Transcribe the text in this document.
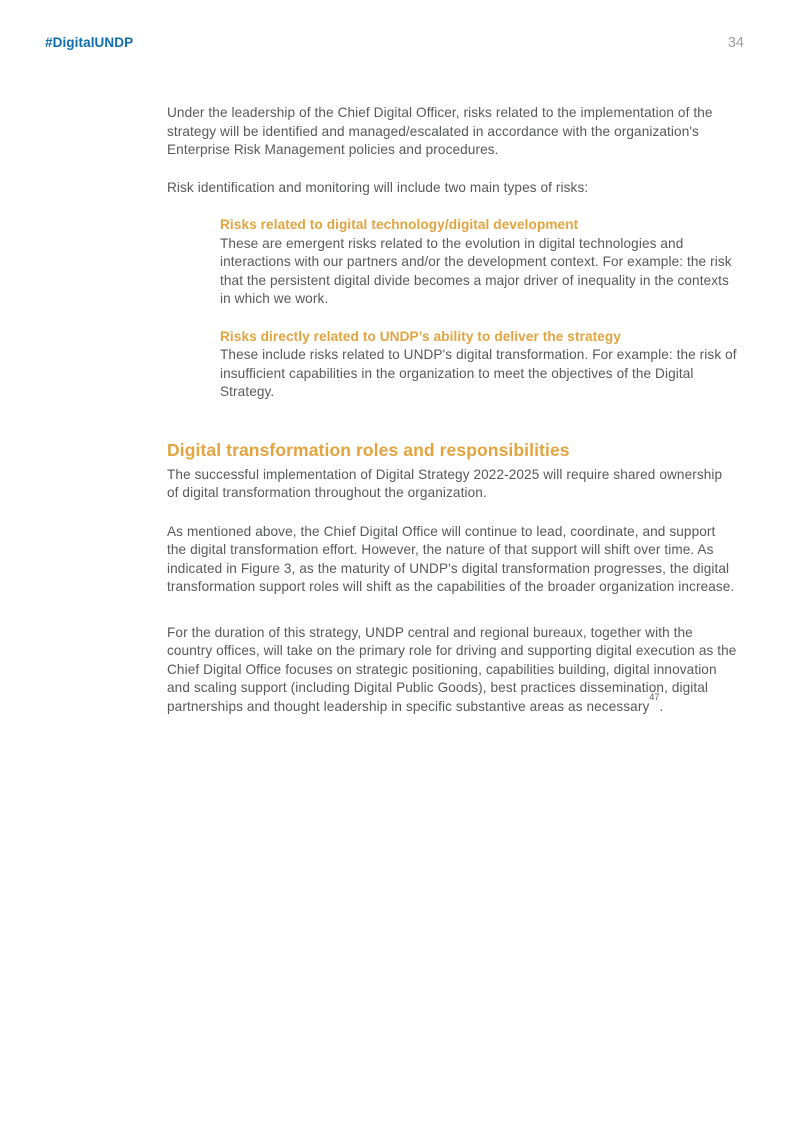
#DigitalUNDP	34

Under the leadership of the Chief Digital Officer, risks related to the implementation of the strategy will be identified and managed/escalated in accordance with the organization's Enterprise Risk Management policies and procedures.

Risk identification and monitoring will include two main types of risks:

Risks related to digital technology/digital development

These are emergent risks related to the evolution in digital technologies and interactions with our partners and/or the development context. For example: the risk that the persistent digital divide becomes a major driver of inequality in the contexts in which we work.

Risks directly related to UNDP’s ability to deliver the strategy

These include risks related to UNDP's digital transformation. For example: the risk of insufficient capabilities in the organization to meet the objectives of the Digital Strategy.

Digital transformation roles and responsibilities

The successful implementation of Digital Strategy 2022-2025 will require shared ownership of digital transformation throughout the organization.

As mentioned above, the Chief Digital Office will continue to lead, coordinate, and support the digital transformation effort. However, the nature of that support will shift over time. As indicated in Figure 3, as the maturity of UNDP's digital transformation progresses, the digital transformation support roles will shift as the capabilities of the broader organization increase.

For the duration of this strategy, UNDP central and regional bureaux, together with the country offices, will take on the primary role for driving and supporting digital execution as the Chief Digital Office focuses on strategic positioning, capabilities building, digital innovation and scaling support (including Digital Public Goods), best practices dissemination, digital partnerships and thought leadership in specific substantive areas as necessary$^{47}$.
